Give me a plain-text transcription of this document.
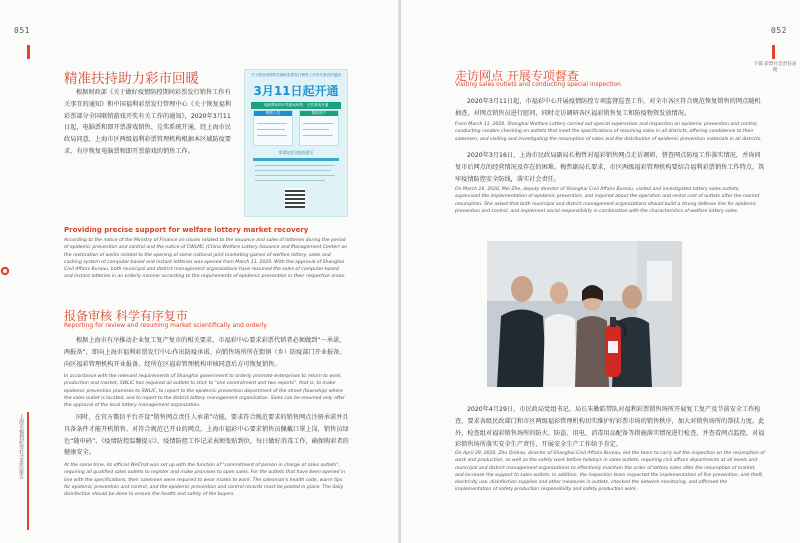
051
上海市福利彩票社会责任报告
精准扶持助力彩市回暖

根据财政部《关于做好疫情防控期间彩票发行销售工作有关事宜的通知》和中国福利彩票发行管理中心《关于恢复福利彩票部分全国联销游戏开奖有关工作的通知》，2020年3月11日起，电脑票和即开票游戏销售、兑奖系统开通，经上海市民政局同意，上海市区两级福利彩票管理机构根据本区域防疫要求，有序恢复电脑票和即开票游戏的销售工作。

关于做好疫情防控期间彩票发行销售工作有关事宜的通知
3月11日起开通
电脑票和即开票游戏销售、兑奖系统开通
销售人员	购彩用户
彩票站安全防疫提示
Providing precise support for welfare lottery market recovery

According to the notice of the Ministry of Finance on issues related to the issuance and sales of lotteries during the period of epidemic prevention and control and the notice of CWLMC (China Welfare Lottery Issuance and Management Center) on the restoration of works related to the opening of some national joint marketing games of welfare lottery, sales and cashing system of computer-based and instant lotteries was opened from March 11, 2020. With the approval of Shanghai Civil Affairs Bureau, both municipal and district management organizations have resumed the sales of computer-based and instant lotteries in an orderly manner according to the requirements of epidemic prevention in their respective areas.

报备审核 科学有序复市
Reporting for review and resuming market scientifically and orderly

根据上海市有序推动企业复工复产复市的相关要求，市福彩中心要求彩票代销者必须做到“一承诺，两报备”，即向上海市福利彩票发行中心作出防疫承诺、向销售场所所在街镇（乡）防疫部门开业报备、向区福彩管理机构开业报备，经所在区福彩管理机构审核同意后方可恢复销售。

In accordance with the relevant requirements of Shanghai government to orderly promote enterprises to return to work, production and market, SWLIC has required all outlets to stick to "one commitment and two reports", that is, to make epidemic prevention promises to SWLIC, to report to the epidemic prevention department of the street (township) where the sales outlet is located, and to report to the district lottery management organization. Sales can be resumed only after the approval of the local lottery management organization.

同时，在官方微信平台开设“销售网点责任人承诺”功能，要求符合规范要求的销售网点注册承诺并且具备条件才能开机销售。对符合规范已开业的网点，上海市福彩中心要求销售员佩戴口罩上岗，销售员绿色“随申码”、《疫情防控温馨提示》、疫情防控工作记录表须张贴到位，每日做好消毒工作，确保购彩者的健康安全。

At the same time, its official WeChat was set up with the function of "commitment of person in charge of sales outlets", requiring all qualified sales outlets to register and make promises to open sales. For the outlets that have been opened in line with the specifications, their salesmen were required to wear masks to work. The salesman's health code, warm tips for epidemic prevention and control, and the epidemic prevention and control records must be posted in place. The daily disinfection should be done to ensure the health and safety of the buyers.

052
下篇 彩票社会责任表现
走访网点 开展专项督查
Visiting sales outlets and conducting special inspection

2020年3月11日起，市福彩中心开展疫情防控专项监督巡查工作，对全市各区符合规范恢复销售的网点随机抽查，对网点销售员进行慰问，同时走访调研各区福彩销售复工和防疫物资发放情况。

From March 11, 2020, Shanghai Welfare Lottery carried out special supervision and inspection on epidemic prevention and control, conducting random checking on outlets that meet the specifications of resuming sales in all districts, offering condolence to their salesmen, and visiting and investigating the resumption of sales and the distribution of epidemic prevention materials in all districts.

2020年3月16日，上海市民政局副局长梅哲对福彩销售网点走访调研，督查网点防疫工作落实情况，并询问复市后网点的经营情况及存在的困难。梅哲副局长要求，市区两级福彩管理机构要结合福利彩票销售工作特点，筑牢疫情防控安全防线，落实社会责任。

On March 16, 2020, Mei Zhe, deputy director of Shanghai Civil Affairs Bureau, visited and investigated lottery sales outlets, supervised the implementation of epidemic prevention, and inquired about the operation and rental cost of outlets after the market resumption. She asked that both municipal and district management organizations should build a strong defense line for epidemic prevention and control, and implement social responsibility in combination with the characteristics of welfare lottery sales.

2020年4月29日，市民政局党组书记、局长朱勤皓带队对福利彩票销售场所开展复工复产及节前安全工作检查，要求各级民政部门和市区两级福彩管理机构切实维护好彩票市场的销售秩序，加大对销售场所的帮扶力度。此外，检查组对福彩销售场所的防火、防盗、用电、消毒用品配备等措施落实情况进行检查，并查看网点监控，对福彩销售场所落实安全生产责任、开展安全生产工作给予肯定。

On April 29, 2020, Zhu Qinhao, director of Shanghai Civil Affairs Bureau, led the team to carry out the inspection on the resumption of work and production, as well as the safety work before holidays in sales outlets, requiring civil affairs departments at all levels and municipal and district management organizations to effectively maintain the order of lottery sales after the resumption of market, and increase the support to sales outlets. In addition, the inspection team inspected the implementation of fire prevention, anti-theft, electricity use, disinfection supplies and other measures in outlets, checked the network monitoring, and affirmed the implementation of safety production responsibility and safety production work.
